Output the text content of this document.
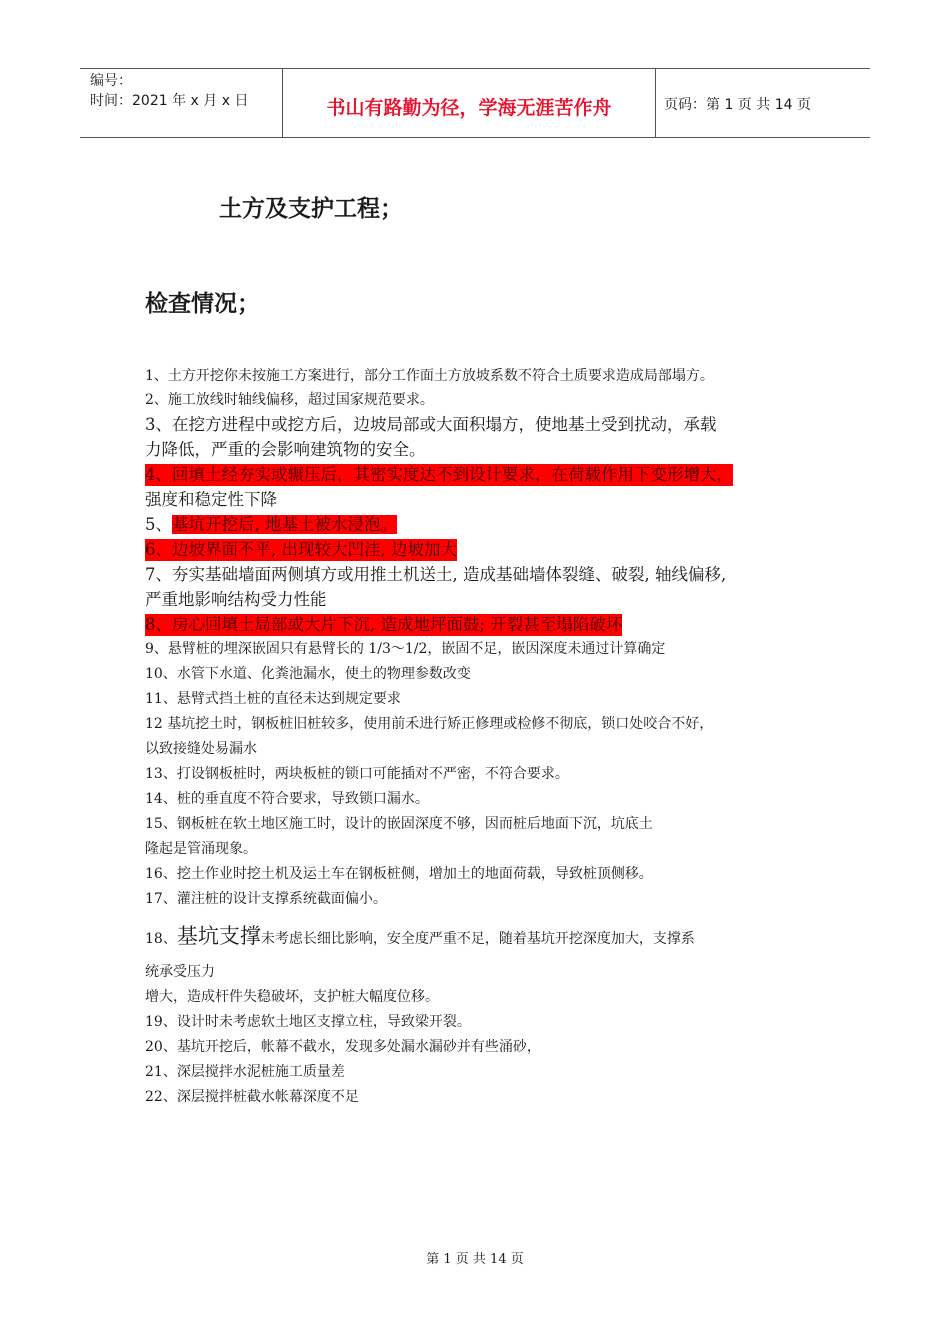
编号：
时间：2021 年 x 月 x 日	书山有路勤为径，学海无涯苦作舟	页码：第 1 页 共 14 页
土方及支护工程；
检查情况；
1、土方开挖你未按施工方案进行，部分工作面土方放坡系数不符合土质要求造成局部塌方。
2、施工放线时轴线偏移，超过国家规范要求。
3、在挖方进程中或挖方后，边坡局部或大面积塌方，使地基土受到扰动，承载
力降低，严重的会影响建筑物的安全。
4、回填土经夯实或辗压后，其密实度达不到设计要求，在荷载作用下变形增大，
强度和稳定性下降
5、基坑开挖后, 地基土被水浸泡。
6、边坡界面不平, 出现较大凹洼, 边坡加大
7、夯实基础墙面两侧填方或用推土机送土, 造成基础墙体裂缝、破裂, 轴线偏移,
严重地影响结构受力性能
8、房心回填土局部或大片下沉, 造成地坪面鼓; 开裂甚至塌陷破坏
9、悬臂桩的埋深嵌固只有悬臂长的 1/3～1/2，嵌固不足，嵌因深度未通过计算确定
10、水管下水道、化粪池漏水，使土的物理参数改变
11、悬臂式挡土桩的直径未达到规定要求
12 基坑挖土时，钢板桩旧桩较多，使用前禾进行矫正修理或检修不彻底，锁口处咬合不好，
以致接缝处易漏水
13、打设钢板桩时，两块板桩的锁口可能插对不严密，不符合要求。
14、桩的垂直度不符合要求，导致锁口漏水。
15、钢板桩在软土地区施工时，设计的嵌固深度不够，因而桩后地面下沉，坑底土
隆起是管涌现象。
16、挖土作业时挖土机及运土车在钢板桩侧，增加土的地面荷载，导致桩顶侧移。
17、灌注桩的设计支撑系统截面偏小。
18、基坑支撑未考虑长细比影响，安全度严重不足，随着基坑开挖深度加大，支撑系
统承受压力
增大，造成杆件失稳破坏，支护桩大幅度位移。
19、设计时未考虑软土地区支撑立柱，导致梁开裂。
20、基坑开挖后，帐幕不截水，发现多处漏水漏砂并有些涌砂，
21、深层搅拌水泥桩施工质量差
22、深层搅拌桩截水帐幕深度不足
第 1 页 共 14 页
